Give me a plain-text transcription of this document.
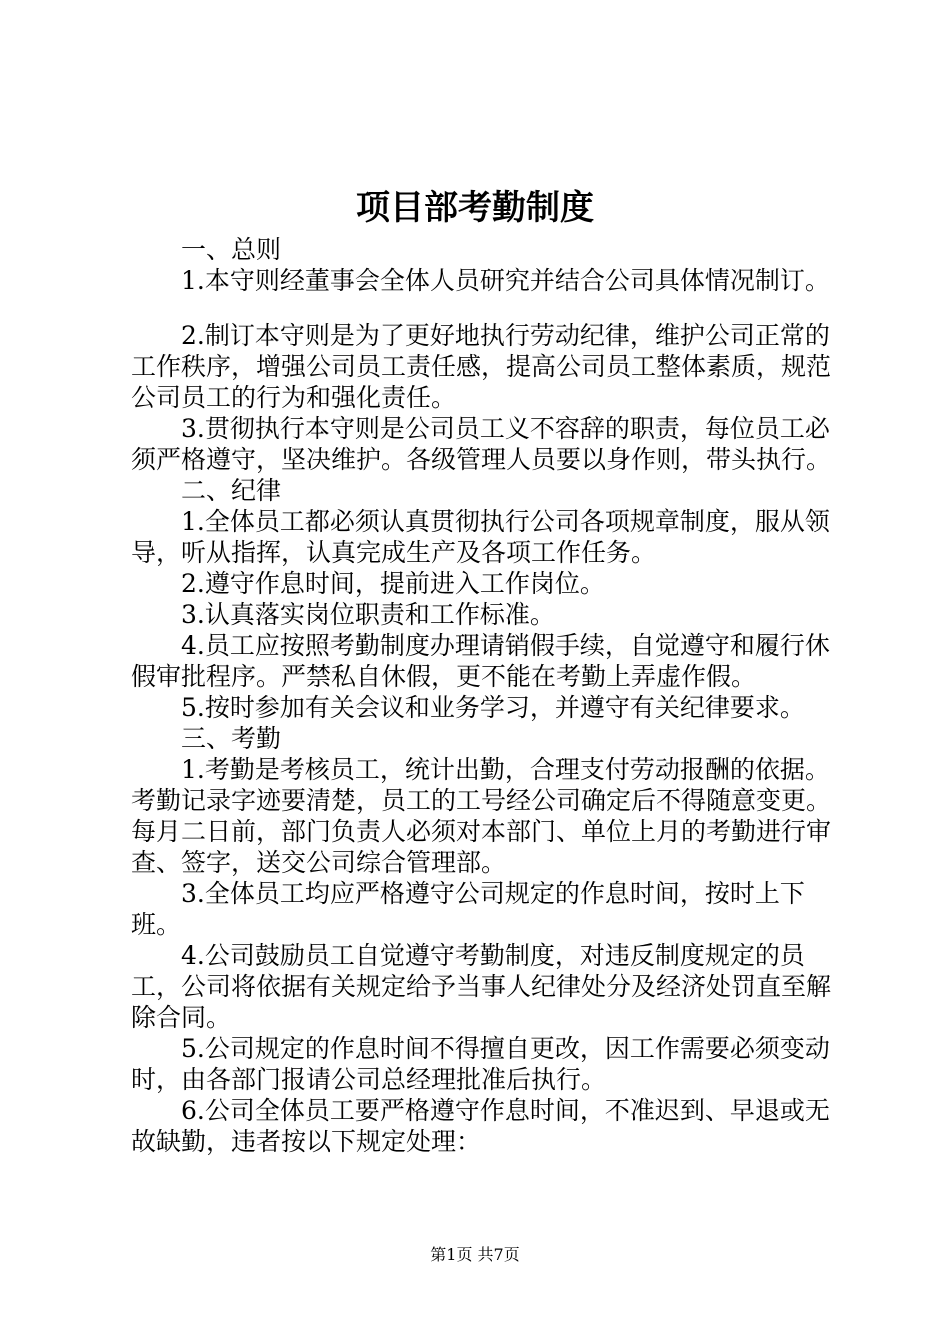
项目部考勤制度

一、总则

1.本守则经董事会全体人员研究并结合公司具体情况制订。

2.制订本守则是为了更好地执行劳动纪律，维护公司正常的工作秩序，增强公司员工责任感，提高公司员工整体素质，规范公司员工的行为和强化责任。

3.贯彻执行本守则是公司员工义不容辞的职责，每位员工必须严格遵守，坚决维护。各级管理人员要以身作则，带头执行。

二、纪律

1.全体员工都必须认真贯彻执行公司各项规章制度，服从领导，听从指挥，认真完成生产及各项工作任务。

2.遵守作息时间，提前进入工作岗位。

3.认真落实岗位职责和工作标准。

4.员工应按照考勤制度办理请销假手续，自觉遵守和履行休假审批程序。严禁私自休假，更不能在考勤上弄虚作假。

5.按时参加有关会议和业务学习，并遵守有关纪律要求。

三、考勤

1.考勤是考核员工，统计出勤，合理支付劳动报酬的依据。考勤记录字迹要清楚，员工的工号经公司确定后不得随意变更。每月二日前，部门负责人必须对本部门、单位上月的考勤进行审查、签字，送交公司综合管理部。

3.全体员工均应严格遵守公司规定的作息时间，按时上下班。

4.公司鼓励员工自觉遵守考勤制度，对违反制度规定的员工，公司将依据有关规定给予当事人纪律处分及经济处罚直至解除合同。

5.公司规定的作息时间不得擅自更改，因工作需要必须变动时，由各部门报请公司总经理批准后执行。

6.公司全体员工要严格遵守作息时间，不准迟到、早退或无故缺勤，违者按以下规定处理：

第1页 共7页
